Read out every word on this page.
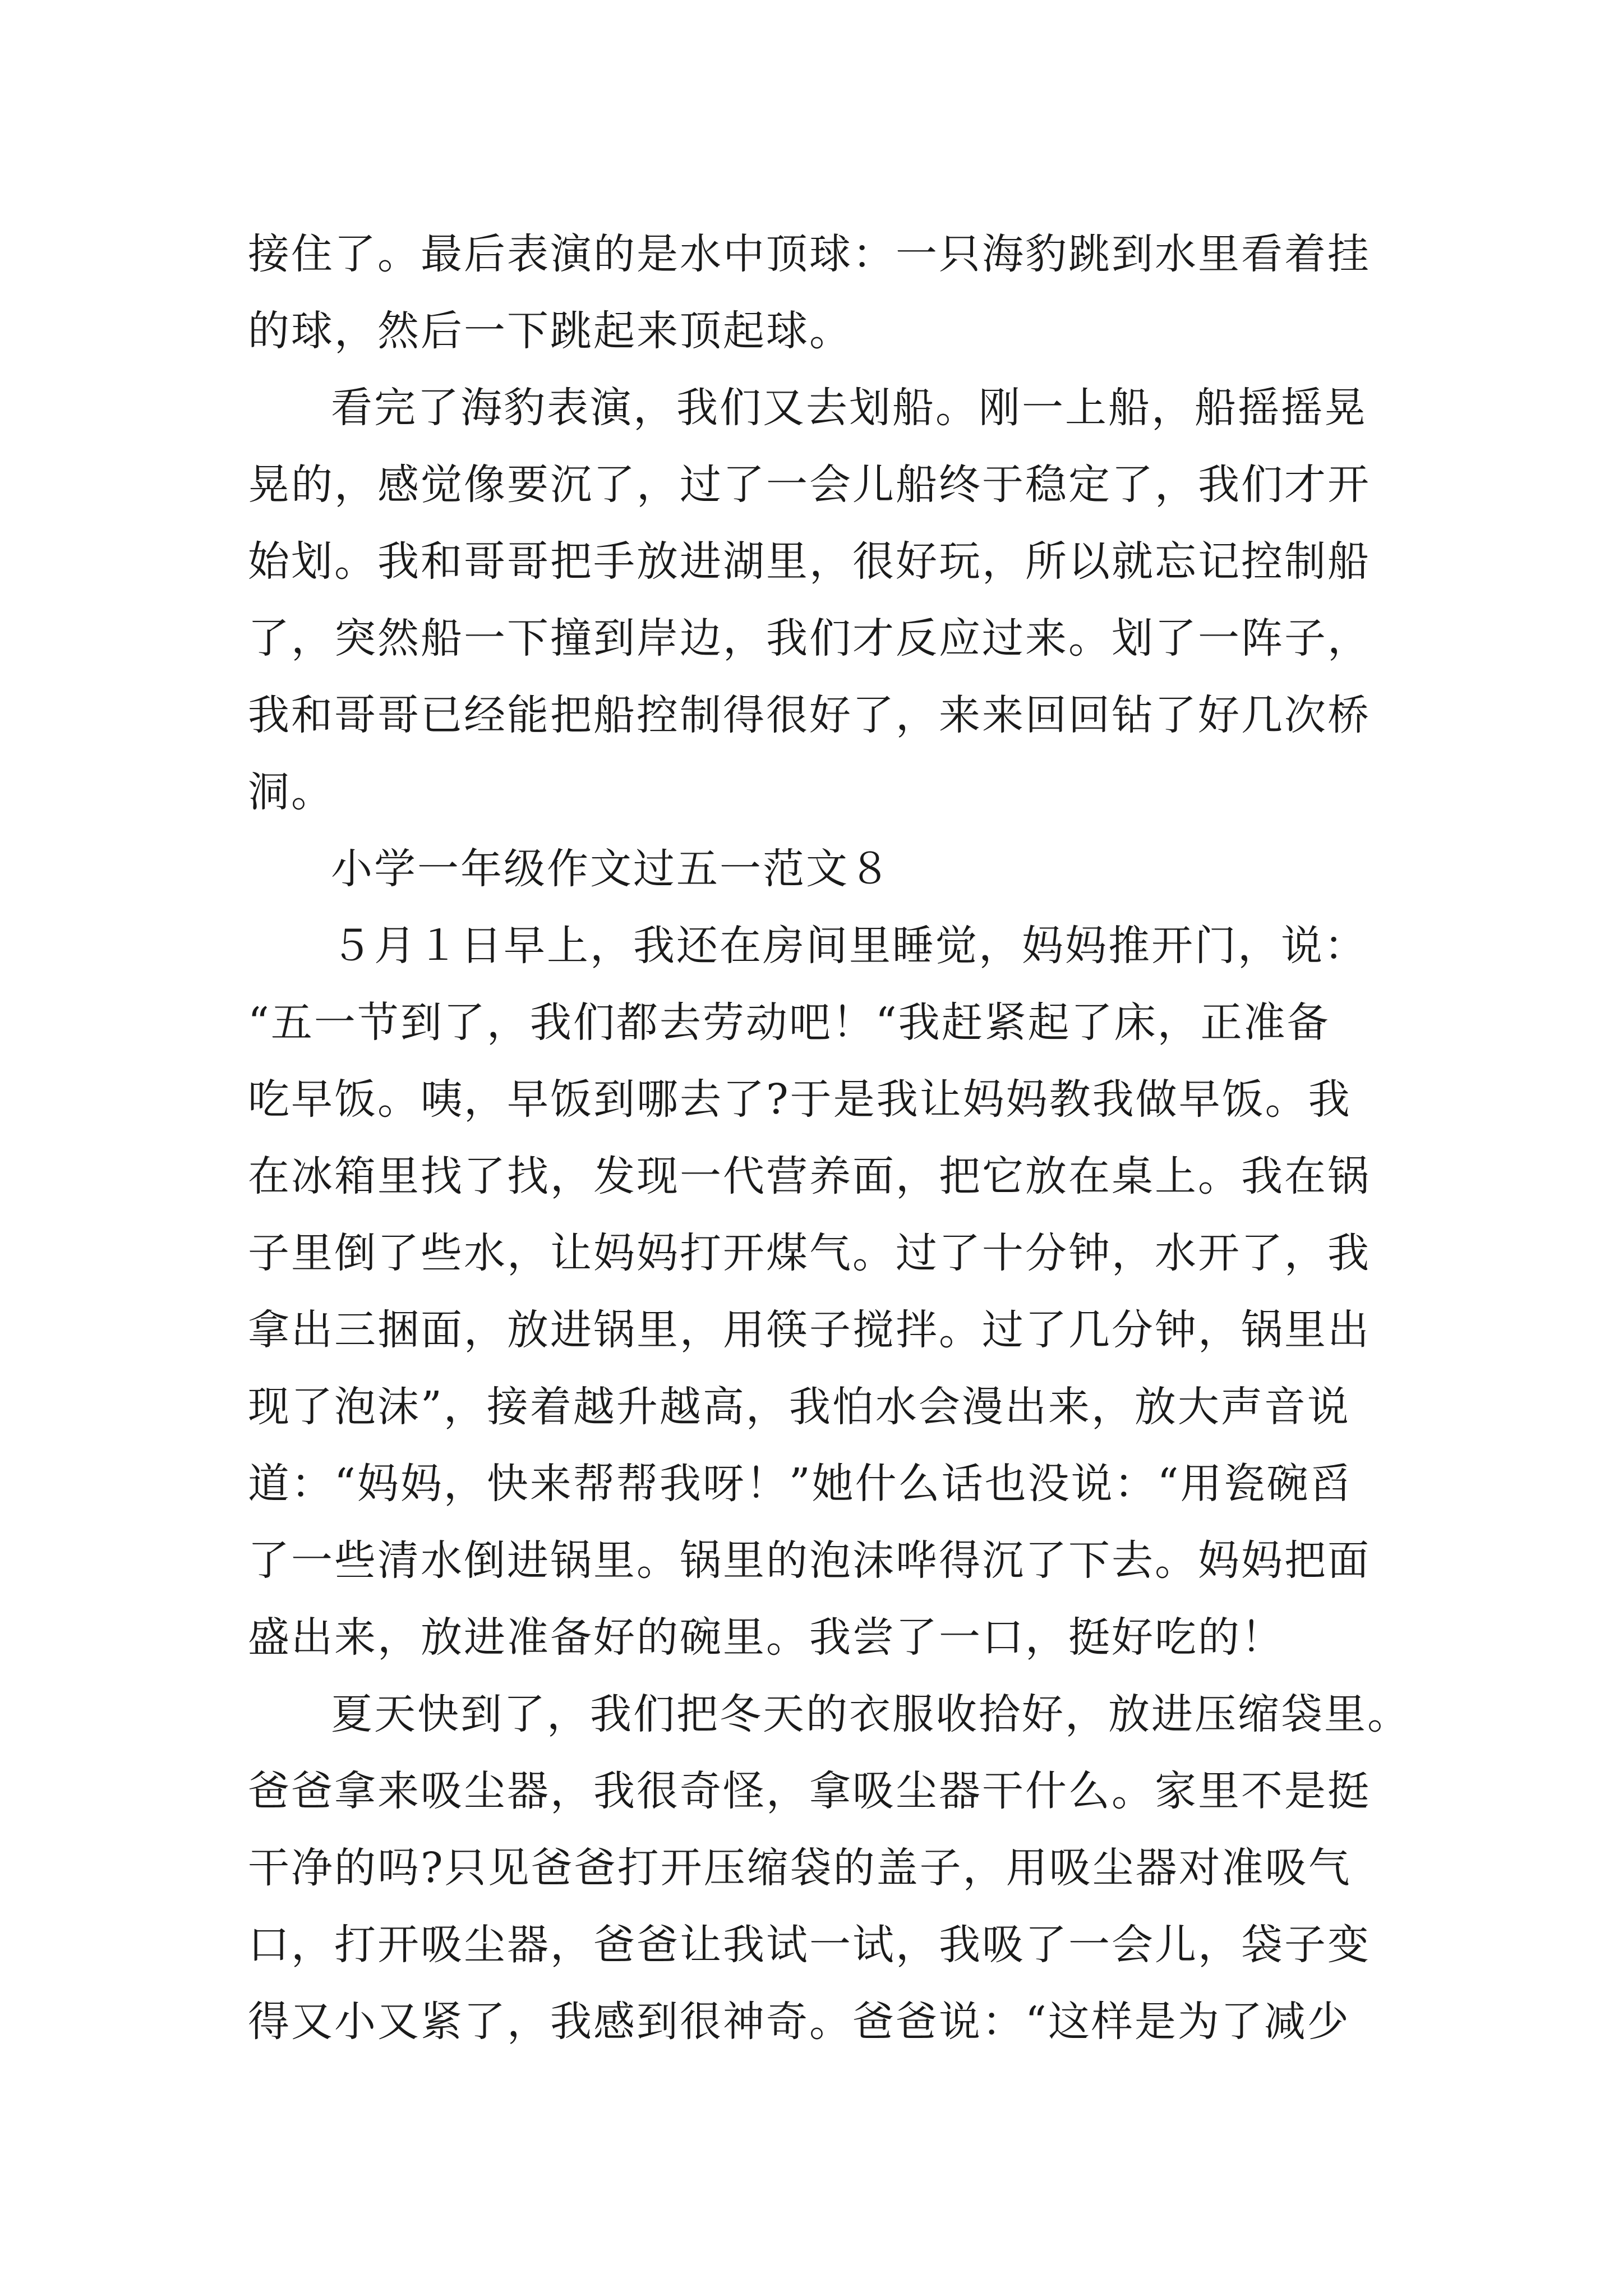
接住了。最后表演的是水中顶球：一只海豹跳到水里看着挂
的球，然后一下跳起来顶起球。
看完了海豹表演，我们又去划船。刚一上船，船摇摇晃
晃的，感觉像要沉了，过了一会儿船终于稳定了，我们才开
始划。我和哥哥把手放进湖里，很好玩，所以就忘记控制船
了，突然船一下撞到岸边，我们才反应过来。划了一阵子，
我和哥哥已经能把船控制得很好了，来来回回钻了好几次桥
洞。
小学一年级作文过五一范文８
５月１日早上，我还在房间里睡觉，妈妈推开门，说：
“五一节到了，我们都去劳动吧！“我赶紧起了床，正准备
吃早饭。咦，早饭到哪去了?于是我让妈妈教我做早饭。我
在冰箱里找了找，发现一代营养面，把它放在桌上。我在锅
子里倒了些水，让妈妈打开煤气。过了十分钟，水开了，我
拿出三捆面，放进锅里，用筷子搅拌。过了几分钟，锅里出
现了泡沫”，接着越升越高，我怕水会漫出来，放大声音说
道：“妈妈，快来帮帮我呀！”她什么话也没说：“用瓷碗舀
了一些清水倒进锅里。锅里的泡沫哗得沉了下去。妈妈把面
盛出来，放进准备好的碗里。我尝了一口，挺好吃的！
夏天快到了，我们把冬天的衣服收拾好，放进压缩袋里。
爸爸拿来吸尘器，我很奇怪，拿吸尘器干什么。家里不是挺
干净的吗?只见爸爸打开压缩袋的盖子，用吸尘器对准吸气
口，打开吸尘器，爸爸让我试一试，我吸了一会儿，袋子变
得又小又紧了，我感到很神奇。爸爸说：“这样是为了减少
